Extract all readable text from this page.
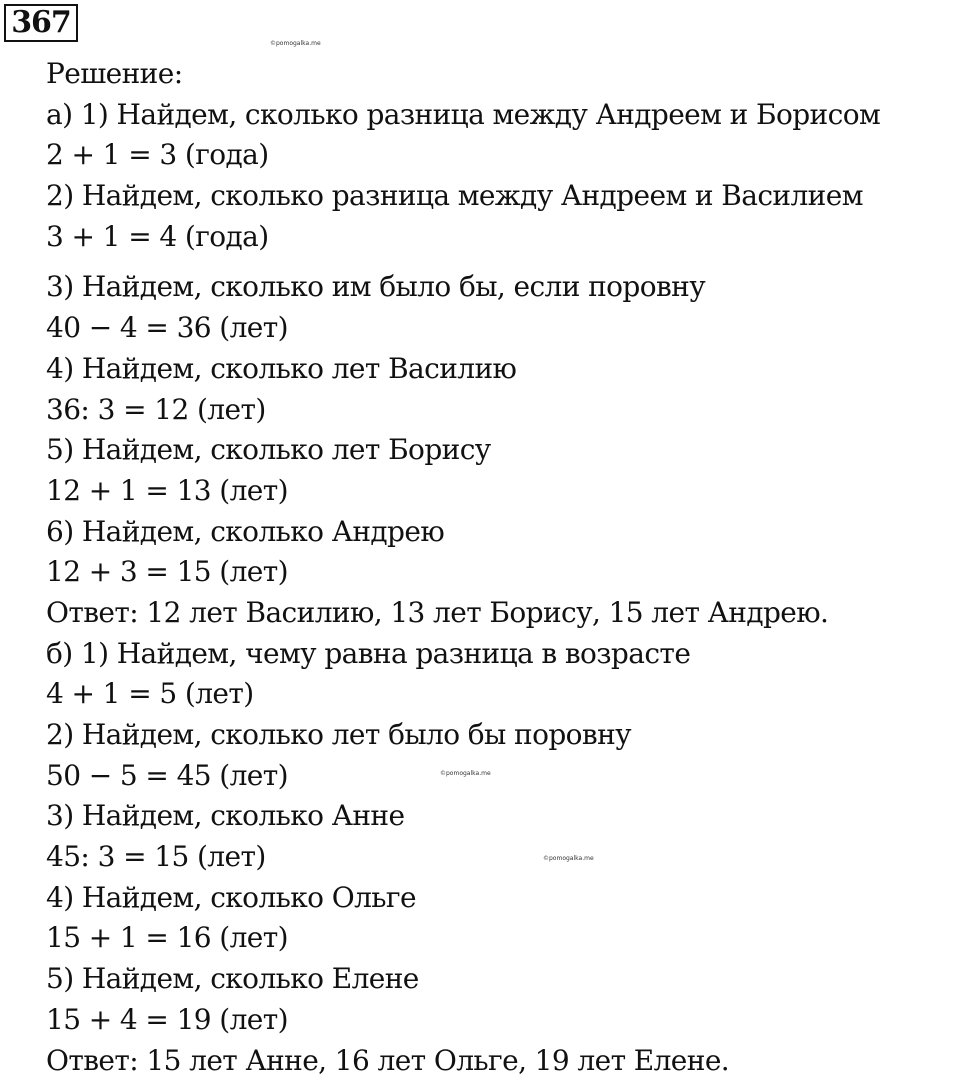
367
©pomogalka.me
©pomogalka.me
©pomogalka.me
Решение:
а) 1) Найдем, сколько разница между Андреем и Борисом
2 + 1 = 3 (года)
2) Найдем, сколько разница между Андреем и Василием
3 + 1 = 4 (года)
3) Найдем, сколько им было бы, если поровну
40 − 4 = 36 (лет)
4) Найдем, сколько лет Василию
36: 3 = 12 (лет)
5) Найдем, сколько лет Борису
12 + 1 = 13 (лет)
6) Найдем, сколько Андрею
12 + 3 = 15 (лет)
Ответ: 12 лет Василию, 13 лет Борису, 15 лет Андрею.
б) 1) Найдем, чему равна разница в возрасте
4 + 1 = 5 (лет)
2) Найдем, сколько лет было бы поровну
50 − 5 = 45 (лет)
3) Найдем, сколько Анне
45: 3 = 15 (лет)
4) Найдем, сколько Ольге
15 + 1 = 16 (лет)
5) Найдем, сколько Елене
15 + 4 = 19 (лет)
Ответ: 15 лет Анне, 16 лет Ольге, 19 лет Елене.
